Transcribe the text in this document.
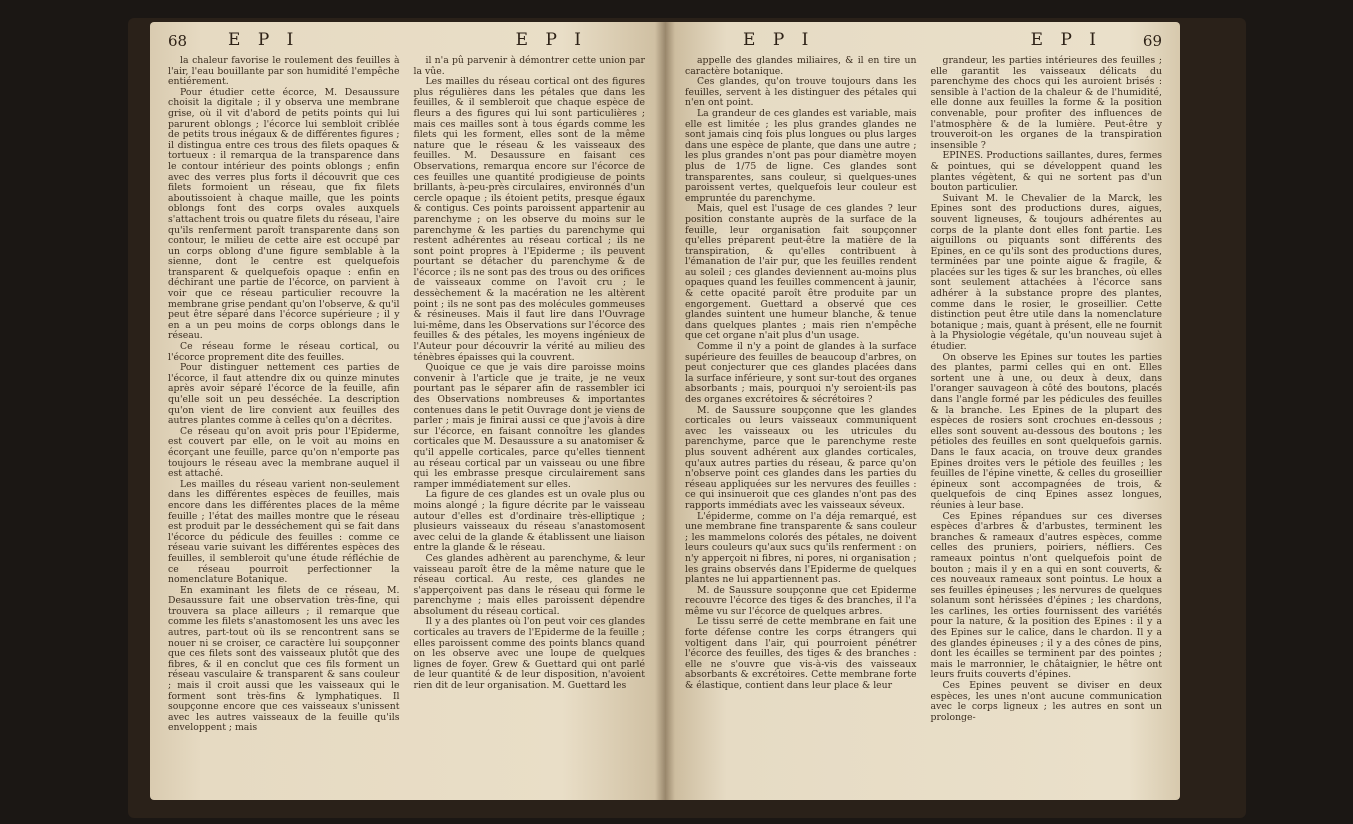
68 E P I	E P I

la chaleur favorise le roulement des feuilles à l'air, l'eau bouillante par son humidité l'empêche entiérement.

Pour étudier cette écorce, M. Desaussure choisit la digitale ; il y observa une membrane grise, où il vit d'abord de petits points qui lui parurent oblongs ; l'écorce lui sembloit criblée de petits trous inégaux & de différentes figures ; il distingua entre ces trous des filets opaques & tortueux : il remarqua de la transparence dans le contour intérieur des points oblongs ; enfin avec des verres plus forts il découvrit que ces filets formoient un réseau, que fix filets aboutissoient à chaque maille, que les points oblongs font des corps ovales auxquels s'attachent trois ou quatre filets du réseau, l'aire qu'ils renferment paroît transparente dans son contour, le milieu de cette aire est occupé par un corps oblong d'une figure semblable à la sienne, dont le centre est quelquefois transparent & quelquefois opaque : enfin en déchirant une partie de l'écorce, on parvient à voir que ce réseau particulier recouvre la membrane grise pendant qu'on l'observe, & qu'il peut être séparé dans l'écorce supérieure ; il y en a un peu moins de corps oblongs dans le réseau.

Ce réseau forme le réseau cortical, ou l'écorce proprement dite des feuilles.

Pour distinguer nettement ces parties de l'écorce, il faut attendre dix ou quinze minutes après avoir séparé l'écorce de la feuille, afin qu'elle soit un peu desséchée. La description qu'on vient de lire convient aux feuilles des autres plantes comme à celles qu'on a décrites.

Ce réseau qu'on avoit pris pour l'Epiderme, est couvert par elle, on le voit au moins en écorçant une feuille, parce qu'on n'emporte pas toujours le réseau avec la membrane auquel il est attaché.

Les mailles du réseau varient non-seulement dans les différentes espèces de feuilles, mais encore dans les différentes places de la même feuille ; l'état des mailles montre que le réseau est produit par le desséchement qui se fait dans l'écorce du pédicule des feuilles : comme ce réseau varie suivant les différentes espèces des feuilles, il sembleroit qu'une étude réfléchie de ce réseau pourroit perfectionner la nomenclature Botanique.

En examinant les filets de ce réseau, M. Desaussure fait une observation très-fine, qui trouvera sa place ailleurs ; il remarque que comme les filets s'anastomosent les uns avec les autres, part-tout où ils se rencontrent sans se nouer ni se croiser, ce caractère lui soupçonner que ces filets sont des vaisseaux plutôt que des fibres, & il en conclut que ces fils forment un réseau vasculaire & transparent & sans couleur ; mais il croit aussi que les vaisseaux qui le forment sont très-fins & lymphatiques. Il soupçonne encore que ces vaisseaux s'unissent avec les autres vaisseaux de la feuille qu'ils enveloppent ; mais

il n'a pû parvenir à démontrer cette union par la vûe.

Les mailles du réseau cortical ont des figures plus régulières dans les pétales que dans les feuilles, & il sembleroit que chaque espèce de fleurs a des figures qui lui sont particulières ; mais ces mailles sont à tous égards comme les filets qui les forment, elles sont de la même nature que le réseau & les vaisseaux des feuilles. M. Desaussure en faisant ces Observations, remarqua encore sur l'écorce de ces feuilles une quantité prodigieuse de points brillants, à-peu-près circulaires, environnés d'un cercle opaque ; ils étoient petits, presque égaux & contigus. Ces points paroissent appartenir au parenchyme ; on les observe du moins sur le parenchyme & les parties du parenchyme qui restent adhérentes au réseau cortical ; ils ne sont point propres à l'Epiderme ; ils peuvent pourtant se détacher du parenchyme & de l'écorce ; ils ne sont pas des trous ou des orifices de vaisseaux comme on l'avoit cru ; le dessèchement & la macération ne les altèrent point ; ils ne sont pas des molécules gommeuses & résineuses. Mais il faut lire dans l'Ouvrage lui-même, dans les Observations sur l'écorce des feuilles & des pétales, les moyens ingénieux de l'Auteur pour découvrir la vérité au milieu des ténèbres épaisses qui la couvrent.

Quoique ce que je vais dire paroisse moins convenir à l'article que je traite, je ne veux pourtant pas le séparer afin de rassembler ici des Observations nombreuses & importantes contenues dans le petit Ouvrage dont je viens de parler ; mais je finirai aussi ce que j'avois à dire sur l'écorce, en faisant connoître les glandes corticales que M. Desaussure a su anatomiser & qu'il appelle corticales, parce qu'elles tiennent au réseau cortical par un vaisseau ou une fibre qui les embrasse presque circulairement sans ramper immédiatement sur elles.

La figure de ces glandes est un ovale plus ou moins alongé ; la figure décrite par le vaisseau autour d'elles est d'ordinaire très-elliptique ; plusieurs vaisseaux du réseau s'anastomosent avec celui de la glande & établissent une liaison entre la glande & le réseau.

Ces glandes adhèrent au parenchyme, & leur vaisseau paroît être de la même nature que le réseau cortical. Au reste, ces glandes ne s'apperçoivent pas dans le réseau qui forme le parenchyme ; mais elles paroissent dépendre absolument du réseau cortical.

Il y a des plantes où l'on peut voir ces glandes corticales au travers de l'Epiderme de la feuille ; elles paroissent comme des points blancs quand on les observe avec une loupe de quelques lignes de foyer. Grew & Guettard qui ont parlé de leur quantité & de leur disposition, n'avoient rien dit de leur organisation. M. Guettard les

E P I	E P I	69

appelle des glandes miliaires, & il en tire un caractère botanique.

Ces glandes, qu'on trouve toujours dans les feuilles, servent à les distinguer des pétales qui n'en ont point.

La grandeur de ces glandes est variable, mais elle est limitée ; les plus grandes glandes ne sont jamais cinq fois plus longues ou plus larges dans une espèce de plante, que dans une autre ; les plus grandes n'ont pas pour diamètre moyen plus de 1/75 de ligne. Ces glandes sont transparentes, sans couleur, si quelques-unes paroissent vertes, quelquefois leur couleur est empruntée du parenchyme.

Mais, quel est l'usage de ces glandes ? leur position constante auprès de la surface de la feuille, leur organisation fait soupçonner qu'elles préparent peut-être la matière de la transpiration, & qu'elles contribuent à l'émanation de l'air pur, que les feuilles rendent au soleil ; ces glandes deviennent au-moins plus opaques quand les feuilles commencent à jaunir, & cette opacité paroît être produite par un engorgement. Guettard a observé que ces glandes suintent une humeur blanche, & tenue dans quelques plantes ; mais rien n'empêche que cet organe n'ait plus d'un usage.

Comme il n'y a point de glandes à la surface supérieure des feuilles de beaucoup d'arbres, on peut conjecturer que ces glandes placées dans la surface inférieure, y sont sur-tout des organes absorbants ; mais, pourquoi n'y seroient-ils pas des organes excrétoires & sécrétoires ?

M. de Saussure soupçonne que les glandes corticales ou leurs vaisseaux communiquent avec les vaisseaux ou les utricules du parenchyme, parce que le parenchyme reste plus souvent adhérent aux glandes corticales, qu'aux autres parties du réseau, & parce qu'on n'observe point ces glandes dans les parties du réseau appliquées sur les nervures des feuilles : ce qui insinueroit que ces glandes n'ont pas des rapports immédiats avec les vaisseaux séveux.

L'épiderme, comme on l'a déja remarqué, est une membrane fine transparente & sans couleur ; les mammelons colorés des pétales, ne doivent leurs couleurs qu'aux sucs qu'ils renferment : on n'y apperçoit ni fibres, ni pores, ni organisation ; les grains observés dans l'Epiderme de quelques plantes ne lui appartiennent pas.

M. de Saussure soupçonne que cet Epiderme recouvre l'écorce des tiges & des branches, il l'a même vu sur l'écorce de quelques arbres.

Le tissu serré de cette membrane en fait une forte défense contre les corps étrangers qui voltigent dans l'air, qui pourroient pénétrer l'écorce des feuilles, des tiges & des branches : elle ne s'ouvre que vis-à-vis des vaisseaux absorbants & excrétoires. Cette membrane forte & élastique, contient dans leur place & leur

grandeur, les parties intérieures des feuilles ; elle garantit les vaisseaux délicats du parenchyme des chocs qui les auroient brisés : sensible à l'action de la chaleur & de l'humidité, elle donne aux feuilles la forme & la position convenable, pour profiter des influences de l'atmosphère & de la lumière. Peut-être y trouveroit-on les organes de la transpiration insensible ?

EPINES. Productions saillantes, dures, fermes & pointues, qui se développent quand les plantes végètent, & qui ne sortent pas d'un bouton particulier.

Suivant M. le Chevalier de la Marck, les Epines sont des productions dures, aigues, souvent ligneuses, & toujours adhérentes au corps de la plante dont elles font partie. Les aiguillons ou piquants sont différents des Epines, en ce qu'ils sont des productions dures, terminées par une pointe aigue & fragile, & placées sur les tiges & sur les branches, où elles sont seulement attachées à l'écorce sans adhérer à la substance propre des plantes, comme dans le rosier, le groseillier. Cette distinction peut être utile dans la nomenclature botanique ; mais, quant à présent, elle ne fournit à la Physiologie végétale, qu'un nouveau sujet à étudier.

On observe les Epines sur toutes les parties des plantes, parmi celles qui en ont. Elles sortent une à une, ou deux à deux, dans l'oranger sauvageon à côté des boutons, placés dans l'angle formé par les pédicules des feuilles & la branche. Les Epines de la plupart des espèces de rosiers sont crochues en-dessous ; elles sont souvent au-dessous des boutons ; les pétioles des feuilles en sont quelquefois garnis. Dans le faux acacia, on trouve deux grandes Epines droites vers le pétiole des feuilles ; les feuilles de l'épine vinette, & celles du groseillier épineux sont accompagnées de trois, & quelquefois de cinq Epines assez longues, réunies à leur base.

Ces Epines répandues sur ces diverses espèces d'arbres & d'arbustes, terminent les branches & rameaux d'autres espèces, comme celles des pruniers, poiriers, néfliers. Ces rameaux pointus n'ont quelquefois point de bouton ; mais il y en a qui en sont couverts, & ces nouveaux rameaux sont pointus. Le houx a ses feuilles épineuses ; les nervures de quelques solanum sont hérissées d'épines ; les chardons, les carlines, les orties fournissent des variétés pour la nature, & la position des Epines : il y a des Epines sur le calice, dans le chardon. Il y a des glandes épineuses ; il y a des cônes de pins, dont les écailles se terminent par des pointes ; mais le marronnier, le châtaignier, le hêtre ont leurs fruits couverts d'épines.

Ces Epines peuvent se diviser en deux espèces, les unes n'ont aucune communication avec le corps ligneux ; les autres en sont un prolonge-
